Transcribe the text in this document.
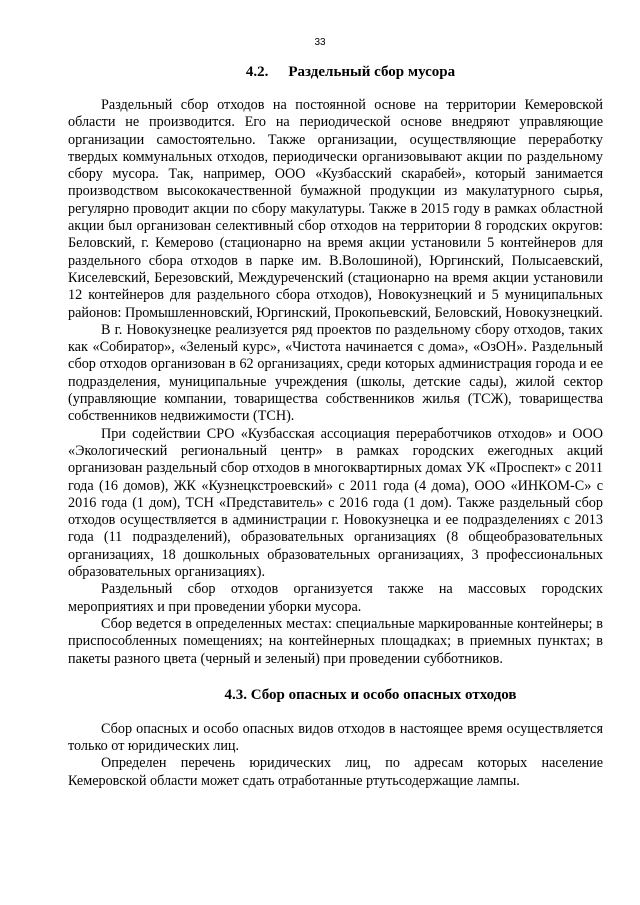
33
4.2. Раздельный сбор мусора

Раздельный сбор отходов на постоянной основе на территории Кемеровской области не производится. Его на периодической основе внедряют управляющие организации самостоятельно. Также организации, осуществляющие переработку твердых коммунальных отходов, периодически организовывают акции по раздельному сбору мусора. Так, например, ООО «Кузбасский скарабей», который занимается производством высококачественной бумажной продукции из макулатурного сырья, регулярно проводит акции по сбору макулатуры. Также в 2015 году в рамках областной акции был организован селективный сбор отходов на территории 8 городских округов: Беловский, г. Кемерово (стационарно на время акции установили 5 контейнеров для раздельного сбора отходов в парке им. В.Волошиной), Юргинский, Полысаевский, Киселевский, Березовский, Междуреченский (стационарно на время акции установили 12 контейнеров для раздельного сбора отходов), Новокузнецкий и 5 муниципальных районов: Промышленновский, Юргинский, Прокопьевский, Беловский, Новокузнецкий.

В г. Новокузнецке реализуется ряд проектов по раздельному сбору отходов, таких как «Собиратор», «Зеленый курс», «Чистота начинается с дома», «ОзОН». Раздельный сбор отходов организован в 62 организациях, среди которых администрация города и ее подразделения, муниципальные учреждения (школы, детские сады), жилой сектор (управляющие компании, товарищества собственников жилья (ТСЖ), товарищества собственников недвижимости (ТСН).

При содействии СРО «Кузбасская ассоциация переработчиков отходов» и ООО «Экологический региональный центр» в рамках городских ежегодных акций организован раздельный сбор отходов в многоквартирных домах УК «Проспект» с 2011 года (16 домов), ЖК «Кузнецкстроевский» с 2011 года (4 дома), ООО «ИНКОМ-С» с 2016 года (1 дом), ТСН «Представитель» с 2016 года (1 дом). Также раздельный сбор отходов осуществляется в администрации г. Новокузнецка и ее подразделениях с 2013 года (11 подразделений), образовательных организациях (8 общеобразовательных организациях, 18 дошкольных образовательных организациях, 3 профессиональных образовательных организациях).

Раздельный сбор отходов организуется также на массовых городских мероприятиях и при проведении уборки мусора.

Сбор ведется в определенных местах: специальные маркированные контейнеры; в приспособленных помещениях; на контейнерных площадках; в приемных пунктах; в пакеты разного цвета (черный и зеленый) при проведении субботников.

4.3. Сбор опасных и особо опасных отходов

Сбор опасных и особо опасных видов отходов в настоящее время осуществляется только от юридических лиц.

Определен перечень юридических лиц, по адресам которых население Кемеровской области может сдать отработанные ртутьсодержащие лампы.
